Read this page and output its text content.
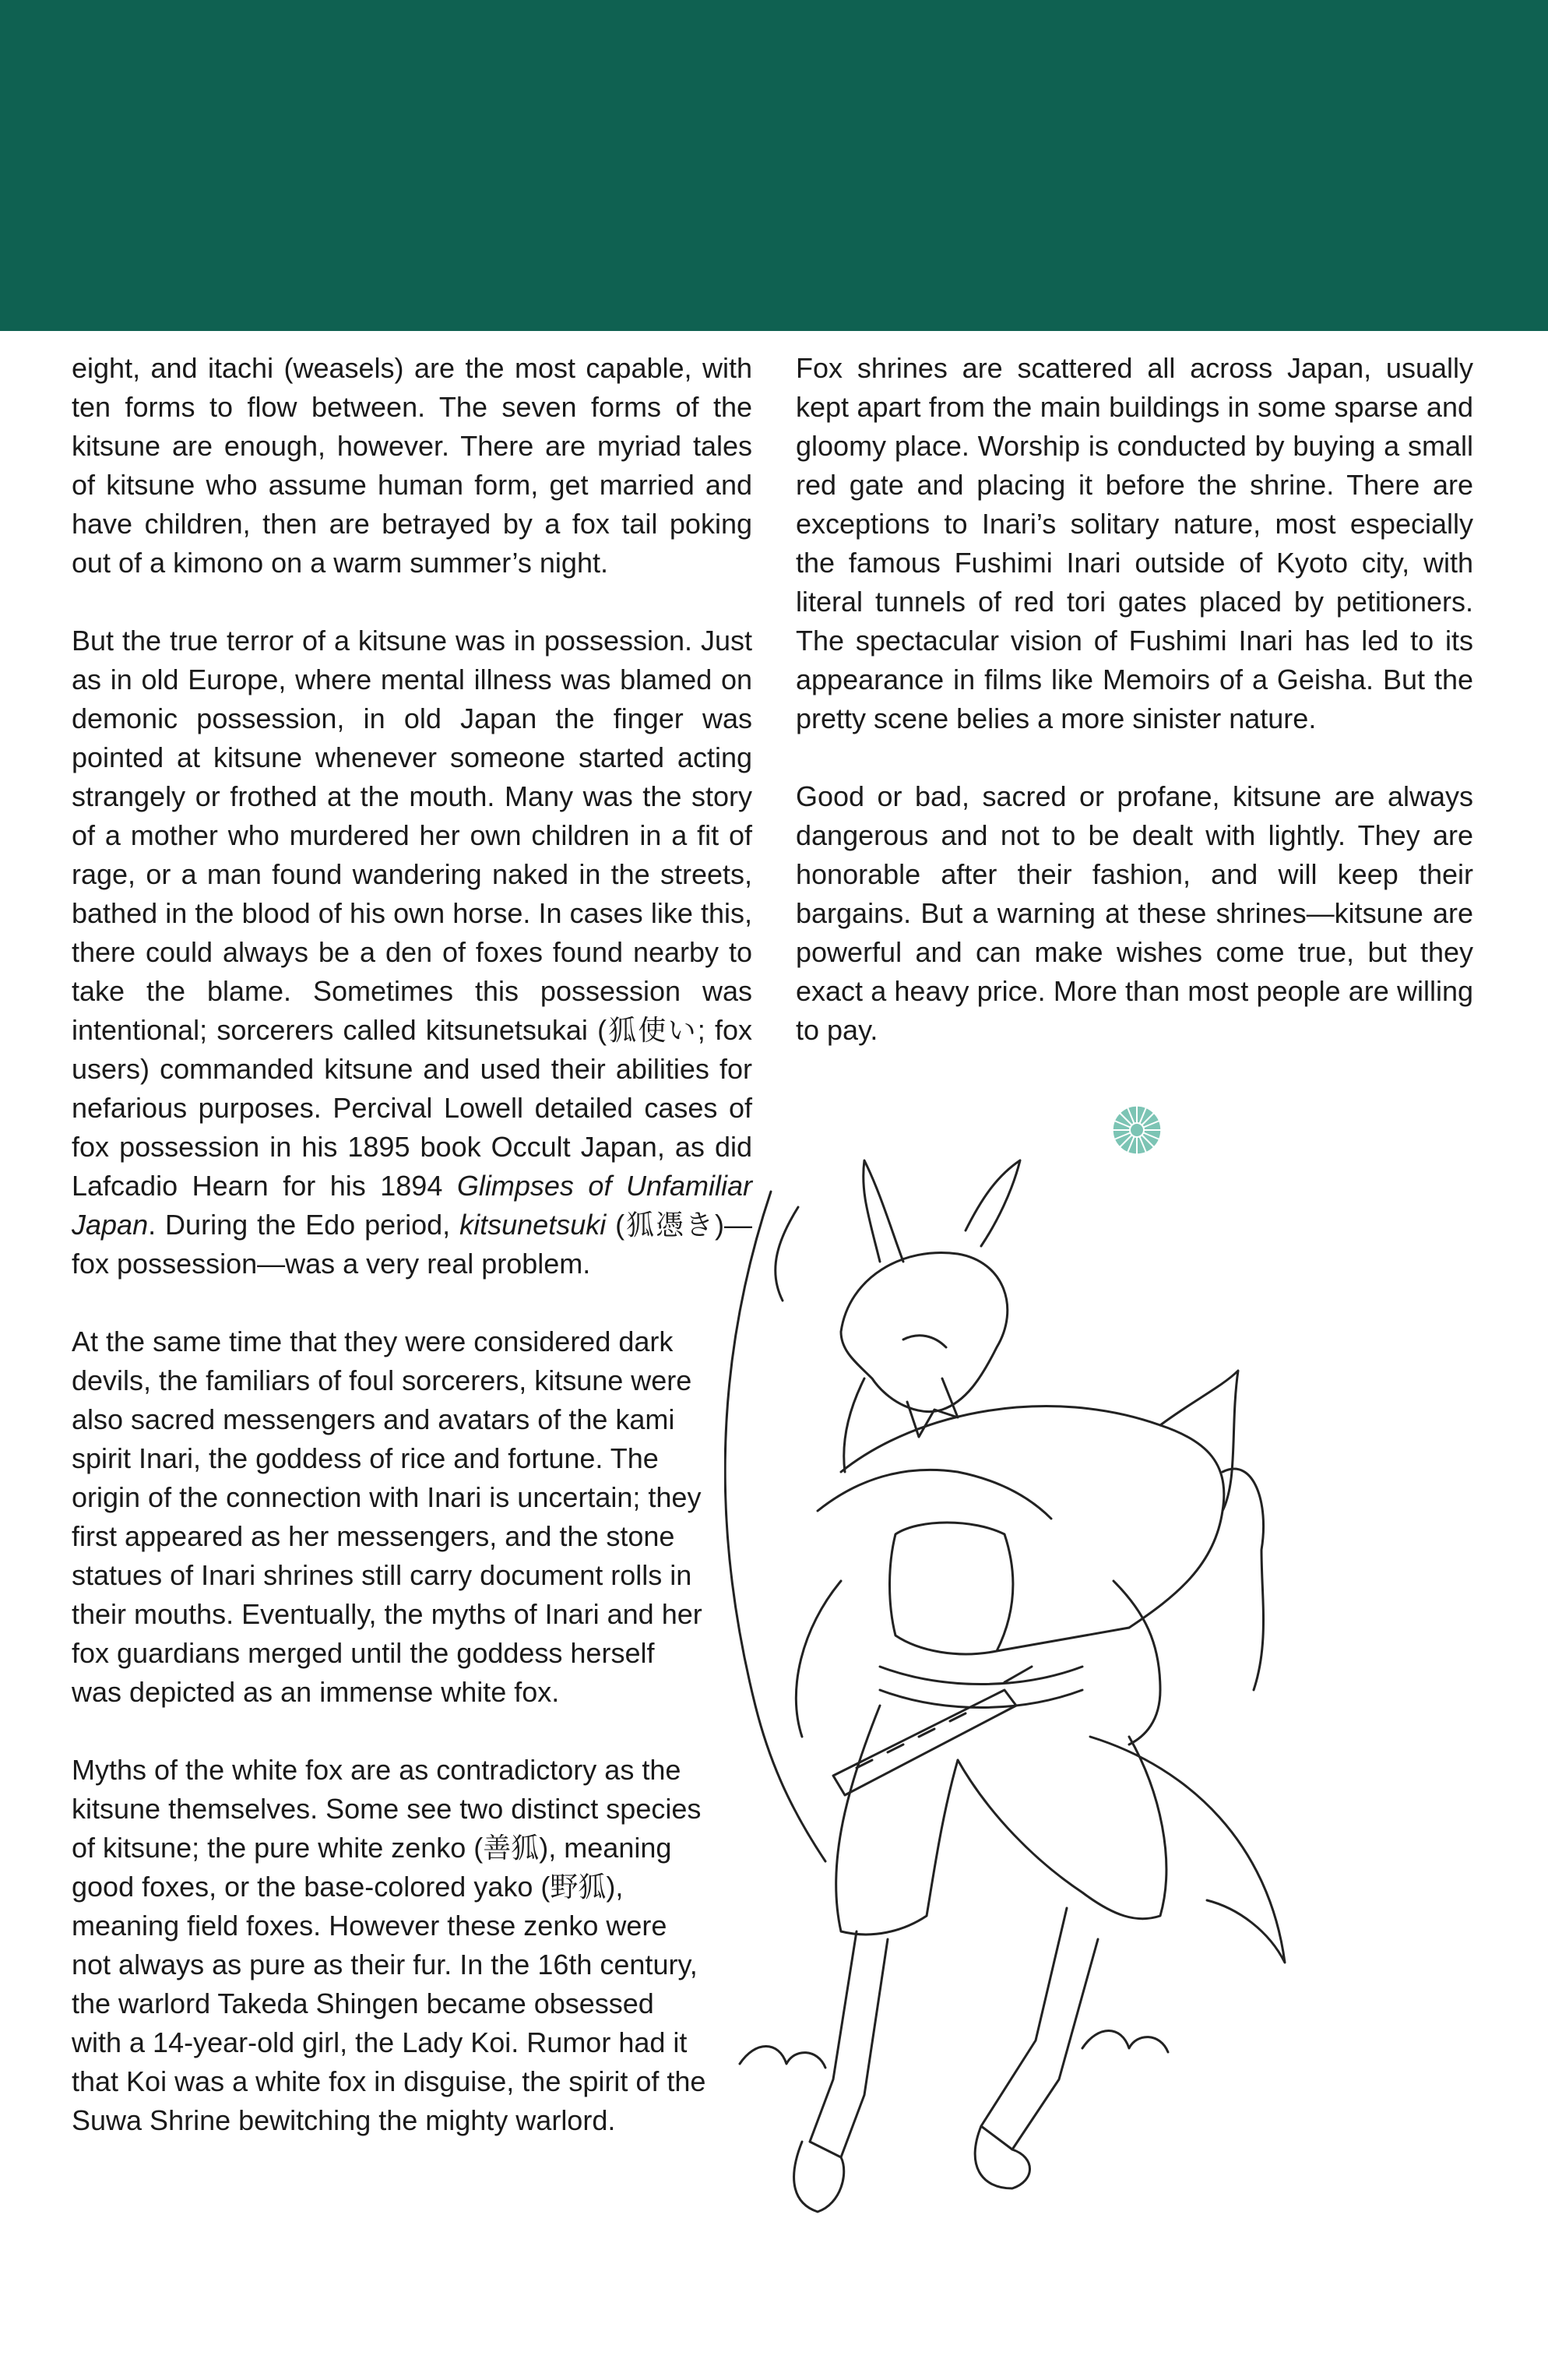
eight, and itachi (weasels) are the most capable, with ten forms to flow between. The seven forms of the kitsune are enough, however. There are myriad tales of kitsune who assume human form, get married and have children, then are betrayed by a fox tail poking out of a kimono on a warm summer’s night.

But the true terror of a kitsune was in possession. Just as in old Europe, where mental illness was blamed on demonic possession, in old Japan the finger was pointed at kitsune whenever someone started acting strangely or frothed at the mouth. Many was the story of a mother who murdered her own children in a fit of rage, or a man found wandering naked in the streets, bathed in the blood of his own horse. In cases like this, there could always be a den of foxes found nearby to take the blame. Sometimes this possession was intentional; sorcerers called kitsunetsukai (狐使い; fox users) commanded kitsune and used their abilities for nefarious purposes. Percival Lowell detailed cases of fox possession in his 1895 book Occult Japan, as did Lafcadio Hearn for his 1894 Glimpses of Unfamiliar Japan. During the Edo period, kitsunetsuki (狐憑き)—fox possession—was a very real problem.

At the same time that they were considered dark devils, the familiars of foul sorcerers, kitsune were also sacred messengers and avatars of the kami spirit Inari, the goddess of rice and fortune. The origin of the connection with Inari is uncertain; they first appeared as her messengers, and the stone statues of Inari shrines still carry document rolls in their mouths. Eventually, the myths of Inari and her fox guardians merged until the goddess herself was depicted as an immense white fox.

Myths of the white fox are as contradictory as the kitsune themselves. Some see two distinct species of kitsune; the pure white zenko (善狐), meaning good foxes, or the base-colored yako (野狐), meaning field foxes. However these zenko were not always as pure as their fur. In the 16th century, the warlord Takeda Shingen became obsessed with a 14-year-old girl, the Lady Koi. Rumor had it that Koi was a white fox in disguise, the spirit of the Suwa Shrine bewitching the mighty warlord.

Fox shrines are scattered all across Japan, usually kept apart from the main buildings in some sparse and gloomy place. Worship is conducted by buying a small red gate and placing it before the shrine. There are exceptions to Inari’s solitary nature, most especially the famous Fushimi Inari outside of Kyoto city, with literal tunnels of red tori gates placed by petitioners. The spectacular vision of Fushimi Inari has led to its appearance in films like Memoirs of a Geisha. But the pretty scene belies a more sinister nature.

Good or bad, sacred or profane, kitsune are always dangerous and not to be dealt with lightly. They are honorable after their fashion, and will keep their bargains. But a warning at these shrines—kitsune are powerful and can make wishes come true, but they exact a heavy price. More than most people are willing to pay.
